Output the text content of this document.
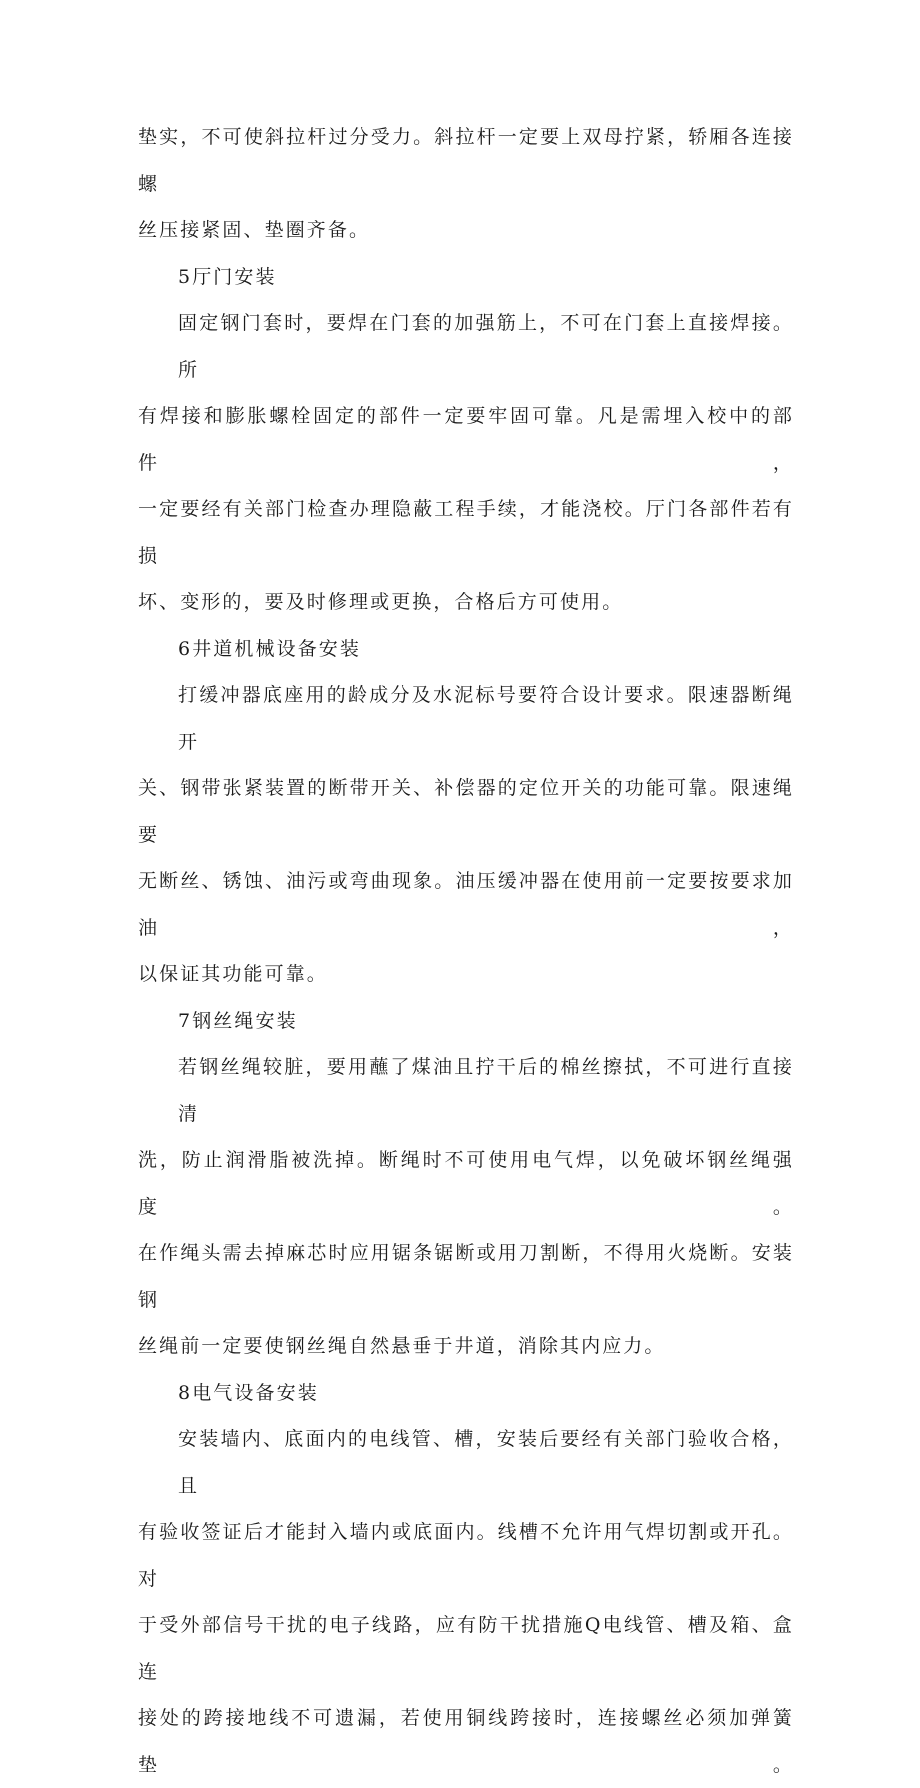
垫实，不可使斜拉杆过分受力。斜拉杆一定要上双母拧紧，轿厢各连接螺

丝压接紧固、垫圈齐备。

5厅门安装

固定钢门套时，要焊在门套的加强筋上，不可在门套上直接焊接。所

有焊接和膨胀螺栓固定的部件一定要牢固可靠。凡是需埋入校中的部件，

一定要经有关部门检查办理隐蔽工程手续，才能浇校。厅门各部件若有损

坏、变形的，要及时修理或更换，合格后方可使用。

6井道机械设备安装

打缓冲器底座用的龄成分及水泥标号要符合设计要求。限速器断绳开

关、钢带张紧装置的断带开关、补偿器的定位开关的功能可靠。限速绳要

无断丝、锈蚀、油污或弯曲现象。油压缓冲器在使用前一定要按要求加油，

以保证其功能可靠。

7钢丝绳安装

若钢丝绳较脏，要用蘸了煤油且拧干后的棉丝擦拭，不可进行直接清

洗，防止润滑脂被洗掉。断绳时不可使用电气焊，以免破坏钢丝绳强度。

在作绳头需去掉麻芯时应用锯条锯断或用刀割断，不得用火烧断。安装钢

丝绳前一定要使钢丝绳自然悬垂于井道，消除其内应力。

8电气设备安装

安装墙内、底面内的电线管、槽，安装后要经有关部门验收合格，且

有验收签证后才能封入墙内或底面内。线槽不允许用气焊切割或开孔。对

于受外部信号干扰的电子线路，应有防干扰措施Q电线管、槽及箱、盒连

接处的跨接地线不可遗漏，若使用铜线跨接时，连接螺丝必须加弹簧垫。
